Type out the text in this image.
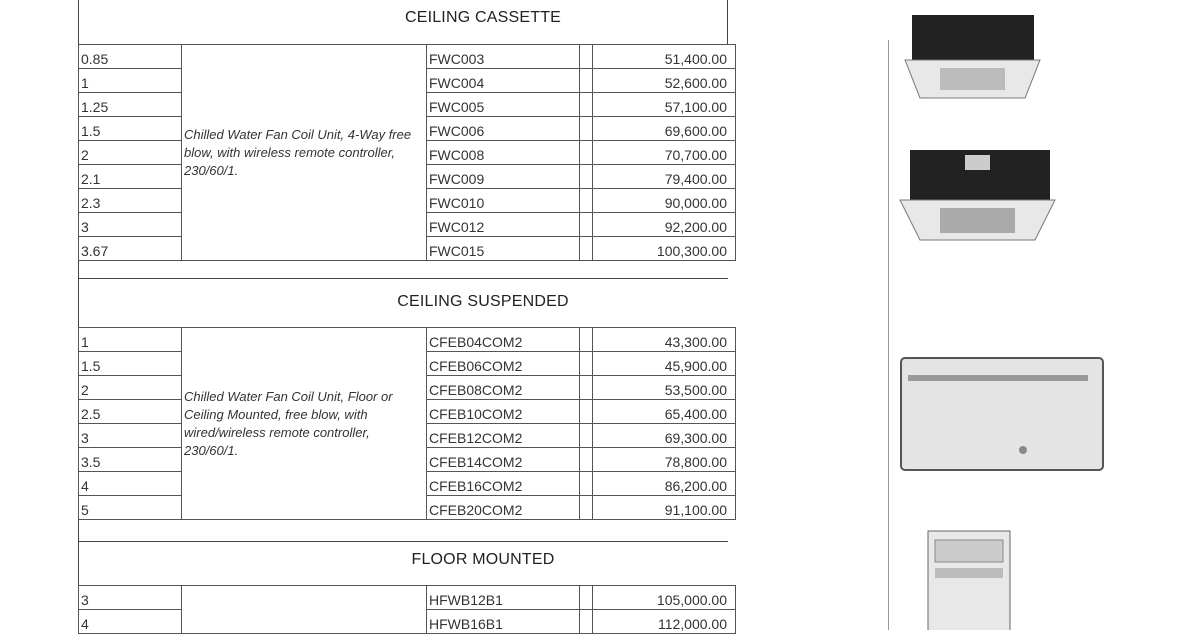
CEILING CASSETTE
0.85	Chilled Water Fan Coil Unit, 4-Way free blow, with wireless remote controller, 230/60/1.	FWC003		51,400.00
1		FWC004		52,600.00
1.25		FWC005		57,100.00
1.5		FWC006		69,600.00
2		FWC008		70,700.00
2.1		FWC009		79,400.00
2.3		FWC010		90,000.00
3		FWC012		92,200.00
3.67		FWC015		100,300.00
CEILING SUSPENDED
1	Chilled Water Fan Coil Unit, Floor or Ceiling Mounted, free blow, with wired/wireless remote controller, 230/60/1.	CFEB04COM2		43,300.00
1.5		CFEB06COM2		45,900.00
2		CFEB08COM2		53,500.00
2.5		CFEB10COM2		65,400.00
3		CFEB12COM2		69,300.00
3.5		CFEB14COM2		78,800.00
4		CFEB16COM2		86,200.00
5		CFEB20COM2		91,100.00
FLOOR MOUNTED
3		HFWB12B1		105,000.00
4		HFWB16B1		112,000.00
